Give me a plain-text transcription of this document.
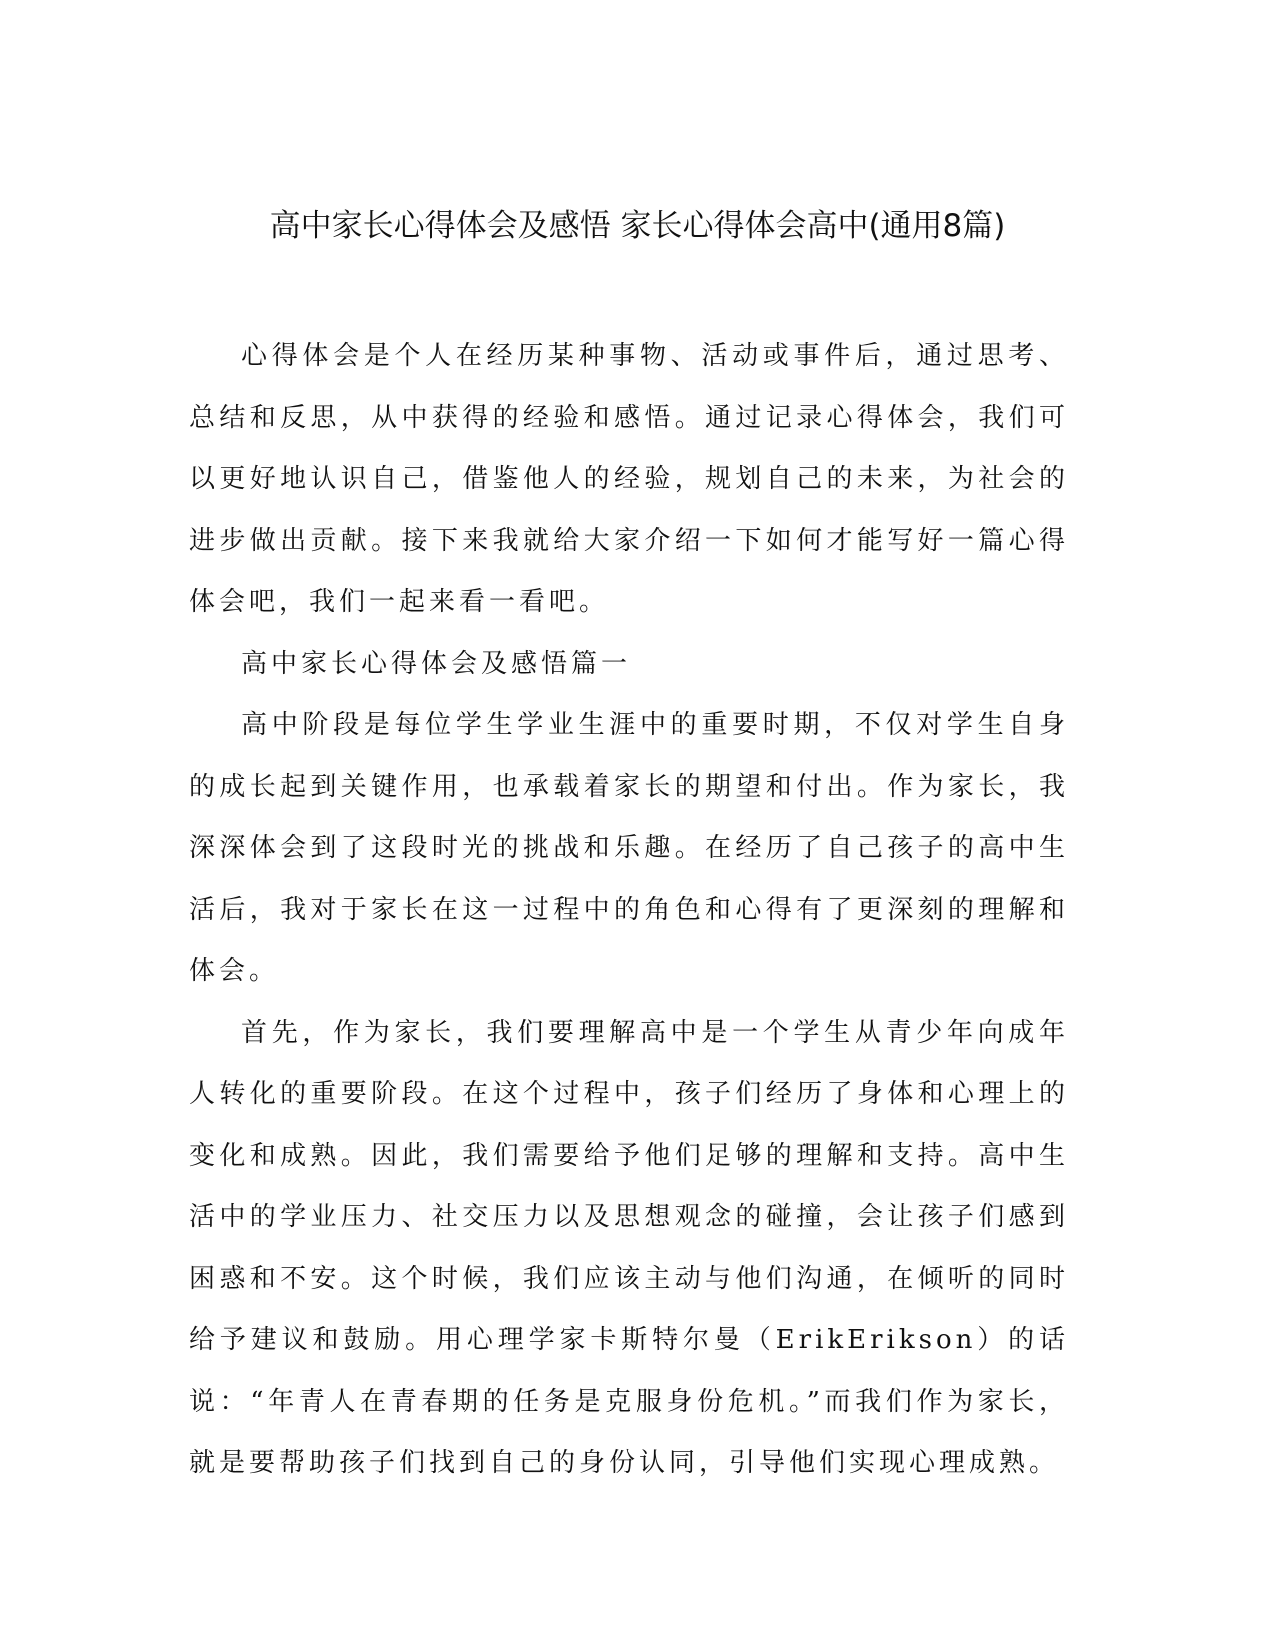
高中家长心得体会及感悟 家长心得体会高中(通用8篇)

心得体会是个人在经历某种事物、活动或事件后，通过思考、总结和反思，从中获得的经验和感悟。通过记录心得体会，我们可以更好地认识自己，借鉴他人的经验，规划自己的未来，为社会的进步做出贡献。接下来我就给大家介绍一下如何才能写好一篇心得体会吧，我们一起来看一看吧。

高中家长心得体会及感悟篇一

高中阶段是每位学生学业生涯中的重要时期，不仅对学生自身的成长起到关键作用，也承载着家长的期望和付出。作为家长，我深深体会到了这段时光的挑战和乐趣。在经历了自己孩子的高中生活后，我对于家长在这一过程中的角色和心得有了更深刻的理解和体会。

首先，作为家长，我们要理解高中是一个学生从青少年向成年人转化的重要阶段。在这个过程中，孩子们经历了身体和心理上的变化和成熟。因此，我们需要给予他们足够的理解和支持。高中生活中的学业压力、社交压力以及思想观念的碰撞，会让孩子们感到困惑和不安。这个时候，我们应该主动与他们沟通，在倾听的同时给予建议和鼓励。用心理学家卡斯特尔曼（ErikErikson）的话说：“年青人在青春期的任务是克服身份危机。”而我们作为家长，就是要帮助孩子们找到自己的身份认同，引导他们实现心理成熟。
